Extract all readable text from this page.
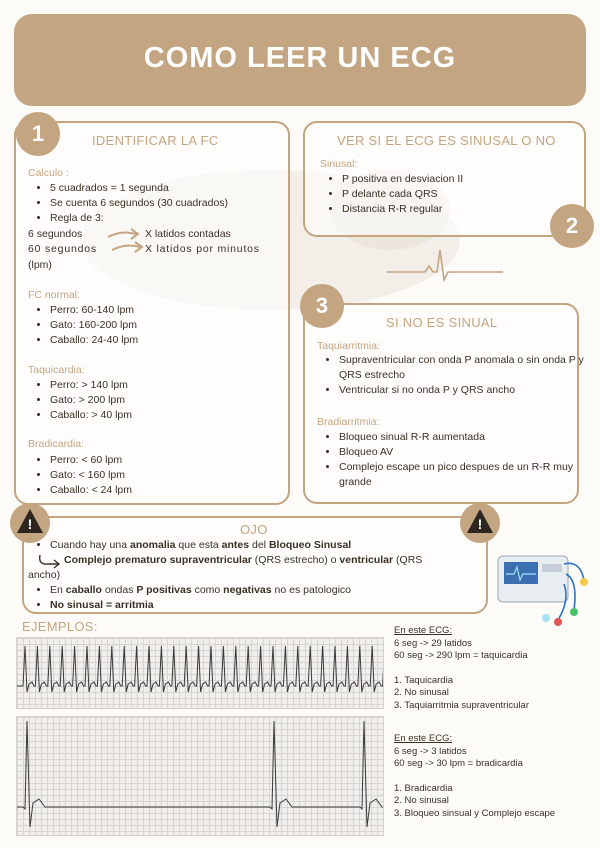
COMO LEER UN ECG
1	IDENTIFICAR LA FC
Calculo :
• 5 cuadrados = 1 segunda
• Se cuenta 6 segundos (30 cuadrados)
• Regla de 3:
6 segundos	X latidos contadas
60 segundos	X latidos por minutos
(lpm)
FC normal:
• Perro: 60-140 lpm
• Gato: 160-200 lpm
• Caballo: 24-40 lpm
Taquicardia:
• Perro: > 140 lpm
• Gato: > 200 lpm
• Caballo: > 40 lpm
Bradicardia:
• Perro: < 60 lpm
• Gato: < 160 lpm
• Caballo: < 24 lpm
VER SI EL ECG ES SINUSAL O NO
Sinusal:
• P positiva en desviacion II
• P delante cada QRS
• Distancia R-R regular
2
3
SI NO ES SINUAL
Taquiarritmia:
• Supraventricular con onda P anomala o sin onda P y QRS estrecho
• Ventricular si no onda P y QRS ancho
Bradiarritmia:
• Bloqueo sinual R-R aumentada
• Bloqueo AV
• Complejo escape un pico despues de un R-R muy grande
!	!
OJO
• Cuando hay una anomalia que esta antes del Bloqueo Sinusal
Complejo prematuro supraventricular (QRS estrecho) o ventricular (QRS
ancho)
• En caballo ondas P positivas como negativas no es patologico
• No sinusal = arritmia
EJEMPLOS:	En este ECG:
6 seg -> 29 latidos
60 seg -> 290 lpm = taquicardia
1. Taquicardia
2. No sinusal
3. Taquiarritmia supraventricular
En este ECG:
6 seg -> 3 latidos
60 seg -> 30 lpm = bradicardia
1. Bradicardia
2. No sinusal
3. Bloqueo sinsual y Complejo escape
